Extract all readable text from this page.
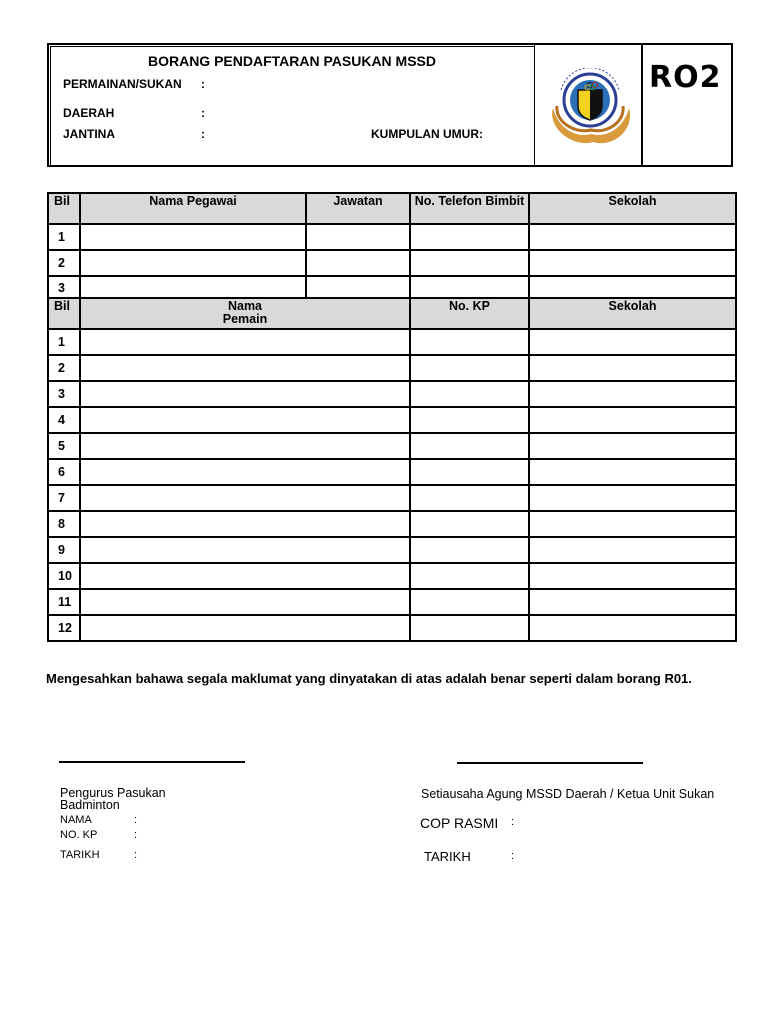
BORANG PENDAFTARAN PASUKAN MSSD
PERMAINAN/SUKAN :
DAERAH	:
JANTINA	:	KUMPULAN UMUR:
RO2
Bil	Nama Pegawai	Jawatan	No. Telefon Bimbit	Sekolah
1				
2				
3				
Bil	Nama Pemain	No. KP	Sekolah
1			
2			
3			
4			
5			
6			
7			
8			
9			
10			
11			
12			
Mengesahkan bahawa segala maklumat yang dinyatakan di atas adalah benar seperti dalam borang R01.
Pengurus Pasukan
Badminton
NAMA	:
NO. KP	:
TARIKH	:
Setiausaha Agung MSSD Daerah / Ketua Unit Sukan
COP RASMI :
TARIKH	:
